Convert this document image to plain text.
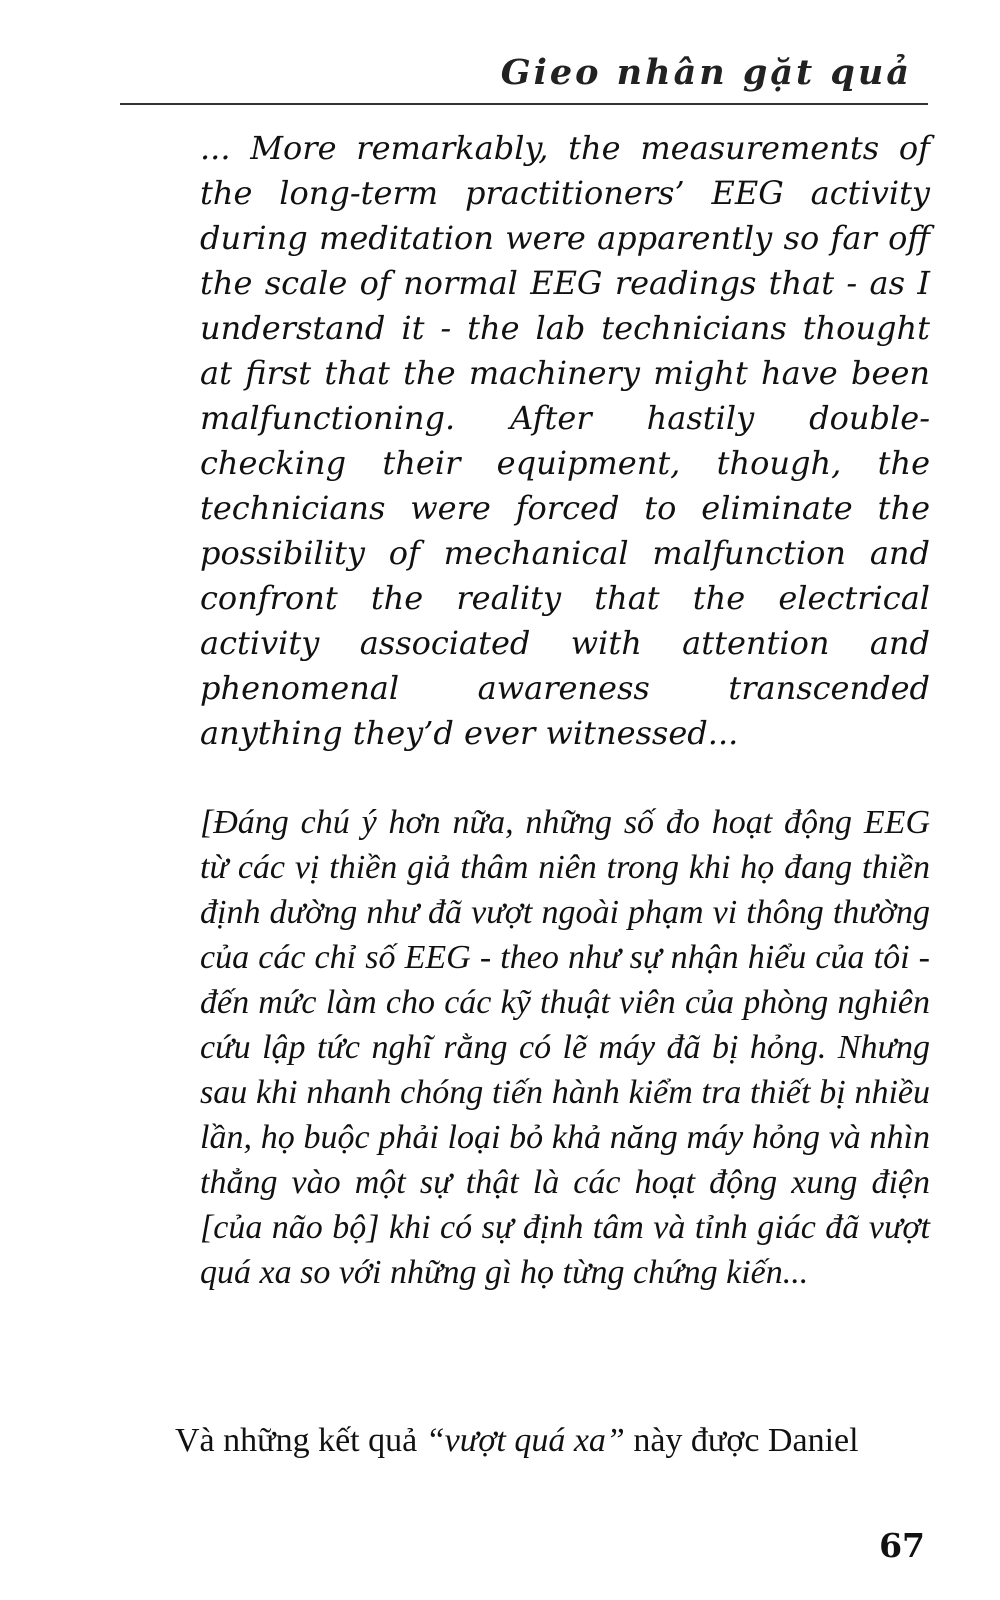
Gieo nhân gặt quả
... More remarkably, the measurements of the long-term practitioners’ EEG activity during meditation were apparently so far off the scale of normal EEG readings that - as I understand it - the lab technicians thought at first that the machinery might have been malfunctioning. After hastily double-checking their equipment, though, the technicians were forced to eliminate the possibility of mechanical malfunction and confront the reality that the electrical activity associated with attention and phenomenal awareness transcended anything they’d ever witnessed...
[Đáng chú ý hơn nữa, những số đo hoạt động EEG từ các vị thiền giả thâm niên trong khi họ đang thiền định dường như đã vượt ngoài phạm vi thông thường của các chỉ số EEG - theo như sự nhận hiểu của tôi - đến mức làm cho các kỹ thuật viên của phòng nghiên cứu lập tức nghĩ rằng có lẽ máy đã bị hỏng. Nhưng sau khi nhanh chóng tiến hành kiểm tra thiết bị nhiều lần, họ buộc phải loại bỏ khả năng máy hỏng và nhìn thẳng vào một sự thật là các hoạt động xung điện [của não bộ] khi có sự định tâm và tỉnh giác đã vượt quá xa so với những gì họ từng chứng kiến...
Và những kết quả “vượt quá xa” này được Daniel
67
